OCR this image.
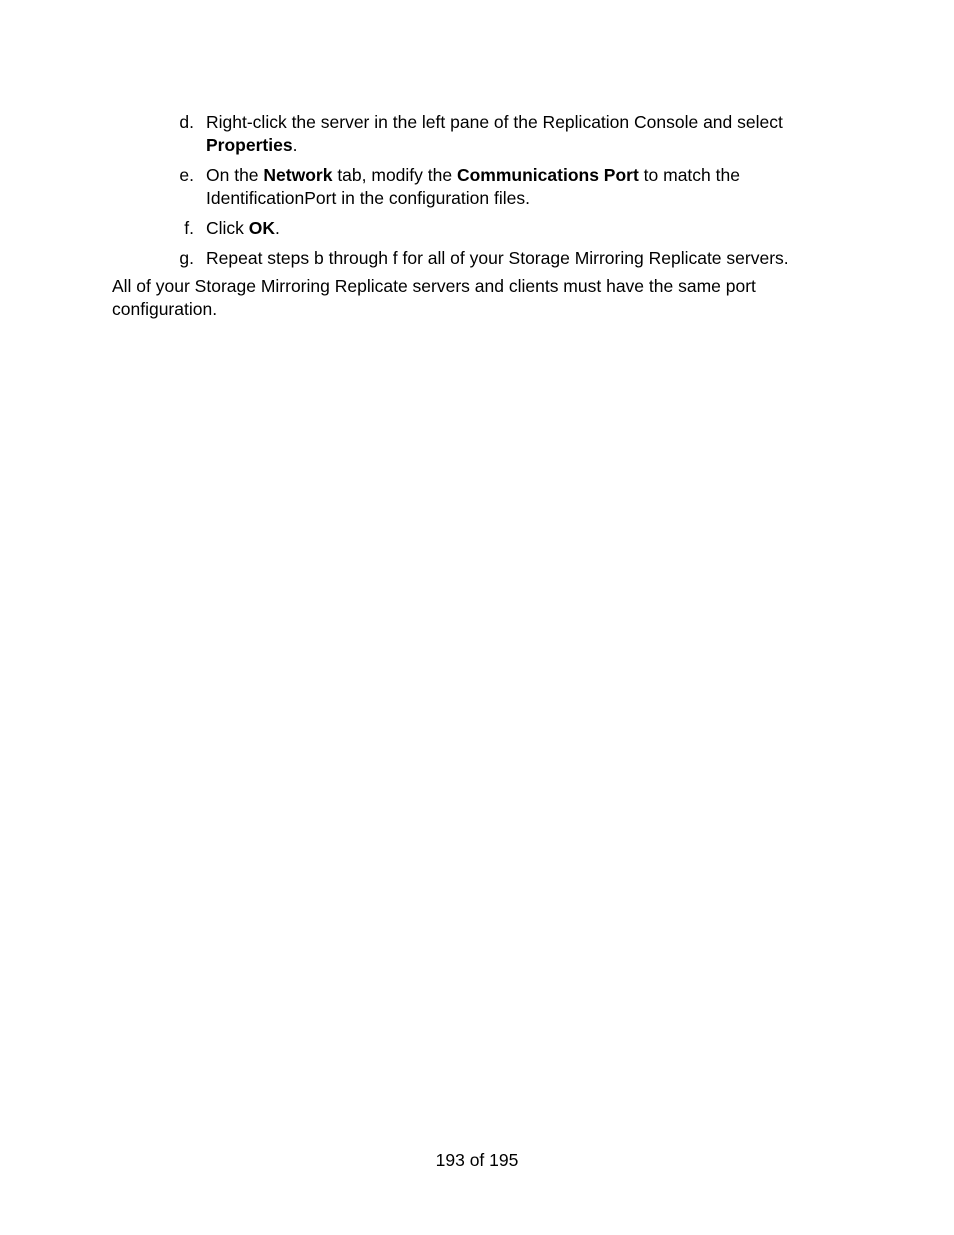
d. Right-click the server in the left pane of the Replication Console and select Properties.
e. On the Network tab, modify the Communications Port to match the IdentificationPort in the configuration files.
f. Click OK.
g. Repeat steps b through f for all of your Storage Mirroring Replicate servers.

All of your Storage Mirroring Replicate servers and clients must have the same port configuration.

193 of 195
